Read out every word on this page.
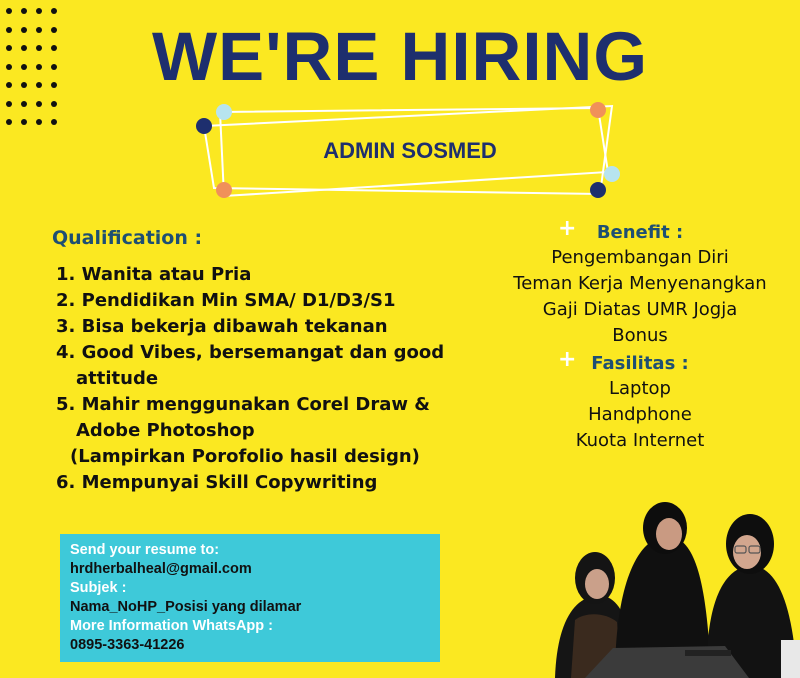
WE'RE HIRING
ADMIN SOSMED
Qualification :
1. Wanita atau Pria
2. Pendidikan Min SMA/ D1/D3/S1
3. Bisa bekerja dibawah tekanan
4. Good Vibes, bersemangat dan good
attitude
5. Mahir menggunakan Corel Draw &
Adobe Photoshop
(Lampirkan Porofolio hasil design)
6. Mempunyai Skill Copywriting
+ Benefit :
Pengembangan Diri
Teman Kerja Menyenangkan
Gaji Diatas UMR Jogja
Bonus
+ Fasilitas :
Laptop
Handphone
Kuota Internet
Send your resume to:
hrdherbalheal@gmail.com
Subjek :
Nama_NoHP_Posisi yang dilamar
More Information WhatsApp :
0895-3363-41226
